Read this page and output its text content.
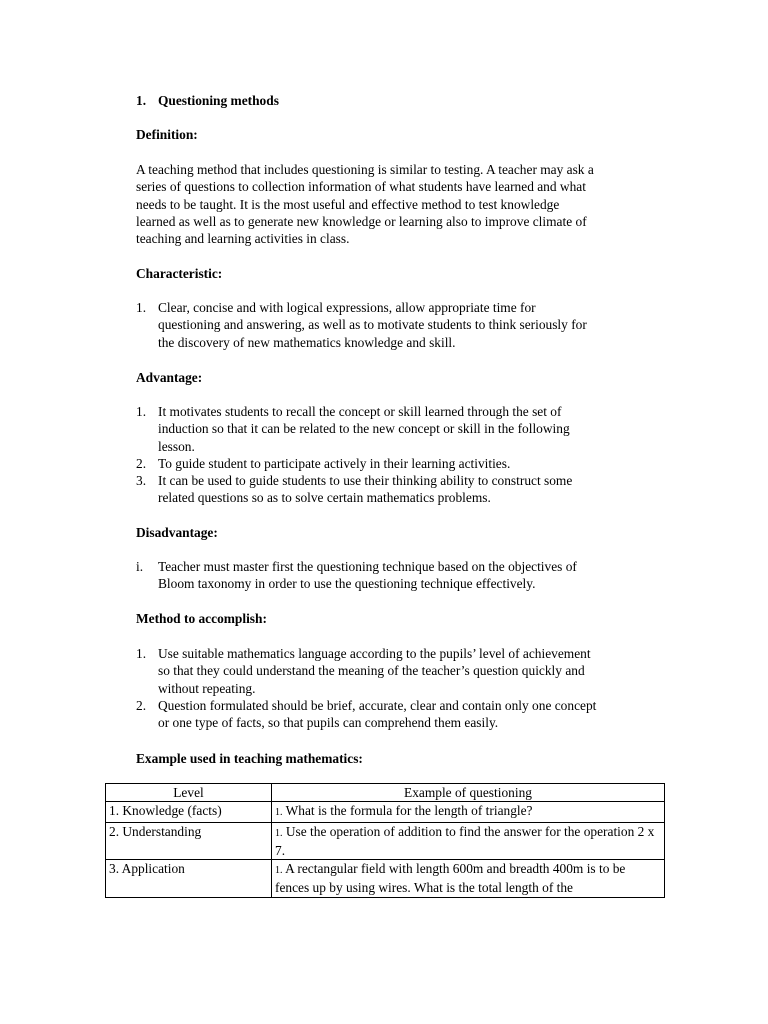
1. Questioning methods
Definition:
A teaching method that includes questioning is similar to testing. A teacher may ask a
series of questions to collection information of what students have learned and what
needs to be taught. It is the most useful and effective method to test knowledge
learned as well as to generate new knowledge or learning also to improve climate of
teaching and learning activities in class.
Characteristic:
1. Clear, concise and with logical expressions, allow appropriate time for
questioning and answering, as well as to motivate students to think seriously for
the discovery of new mathematics knowledge and skill.
Advantage:
1. It motivates students to recall the concept or skill learned through the set of
induction so that it can be related to the new concept or skill in the following
lesson.
2. To guide student to participate actively in their learning activities.
3. It can be used to guide students to use their thinking ability to construct some
related questions so as to solve certain mathematics problems.
Disadvantage:
i. Teacher must master first the questioning technique based on the objectives of
Bloom taxonomy in order to use the questioning technique effectively.
Method to accomplish:
1. Use suitable mathematics language according to the pupils’ level of achievement
so that they could understand the meaning of the teacher’s question quickly and
without repeating.
2. Question formulated should be brief, accurate, clear and contain only one concept
or one type of facts, so that pupils can comprehend them easily.
Example used in teaching mathematics:
Level	Example of questioning
1. Knowledge (facts)	1. What is the formula for the length of triangle?
2. Understanding	1. Use the operation of addition to find the answer for the operation 2 x 7.
3. Application	1. A rectangular field with length 600m and breadth 400m is to be fences up by using wires. What is the total length of the
